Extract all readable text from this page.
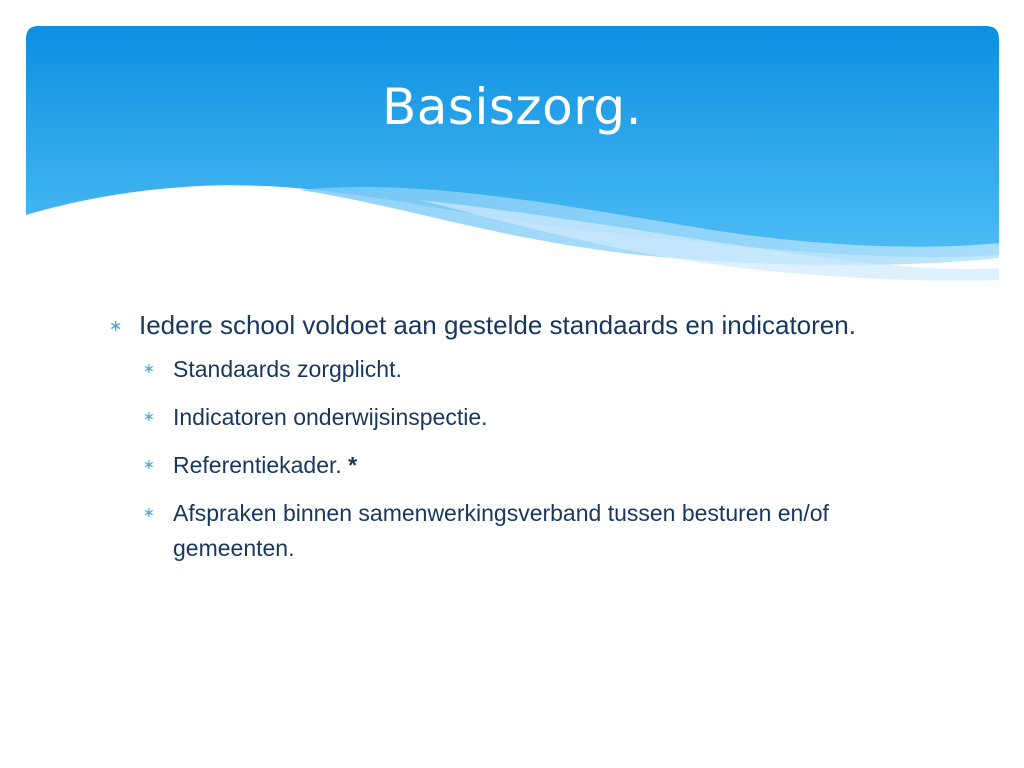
Basiszorg.
∗ Iedere school voldoet aan gestelde standaards en indicatoren.
∗ Standaards zorgplicht.
∗ Indicatoren onderwijsinspectie.
∗ Referentiekader. *
∗ Afspraken binnen samenwerkingsverband tussen besturen en/of gemeenten.
